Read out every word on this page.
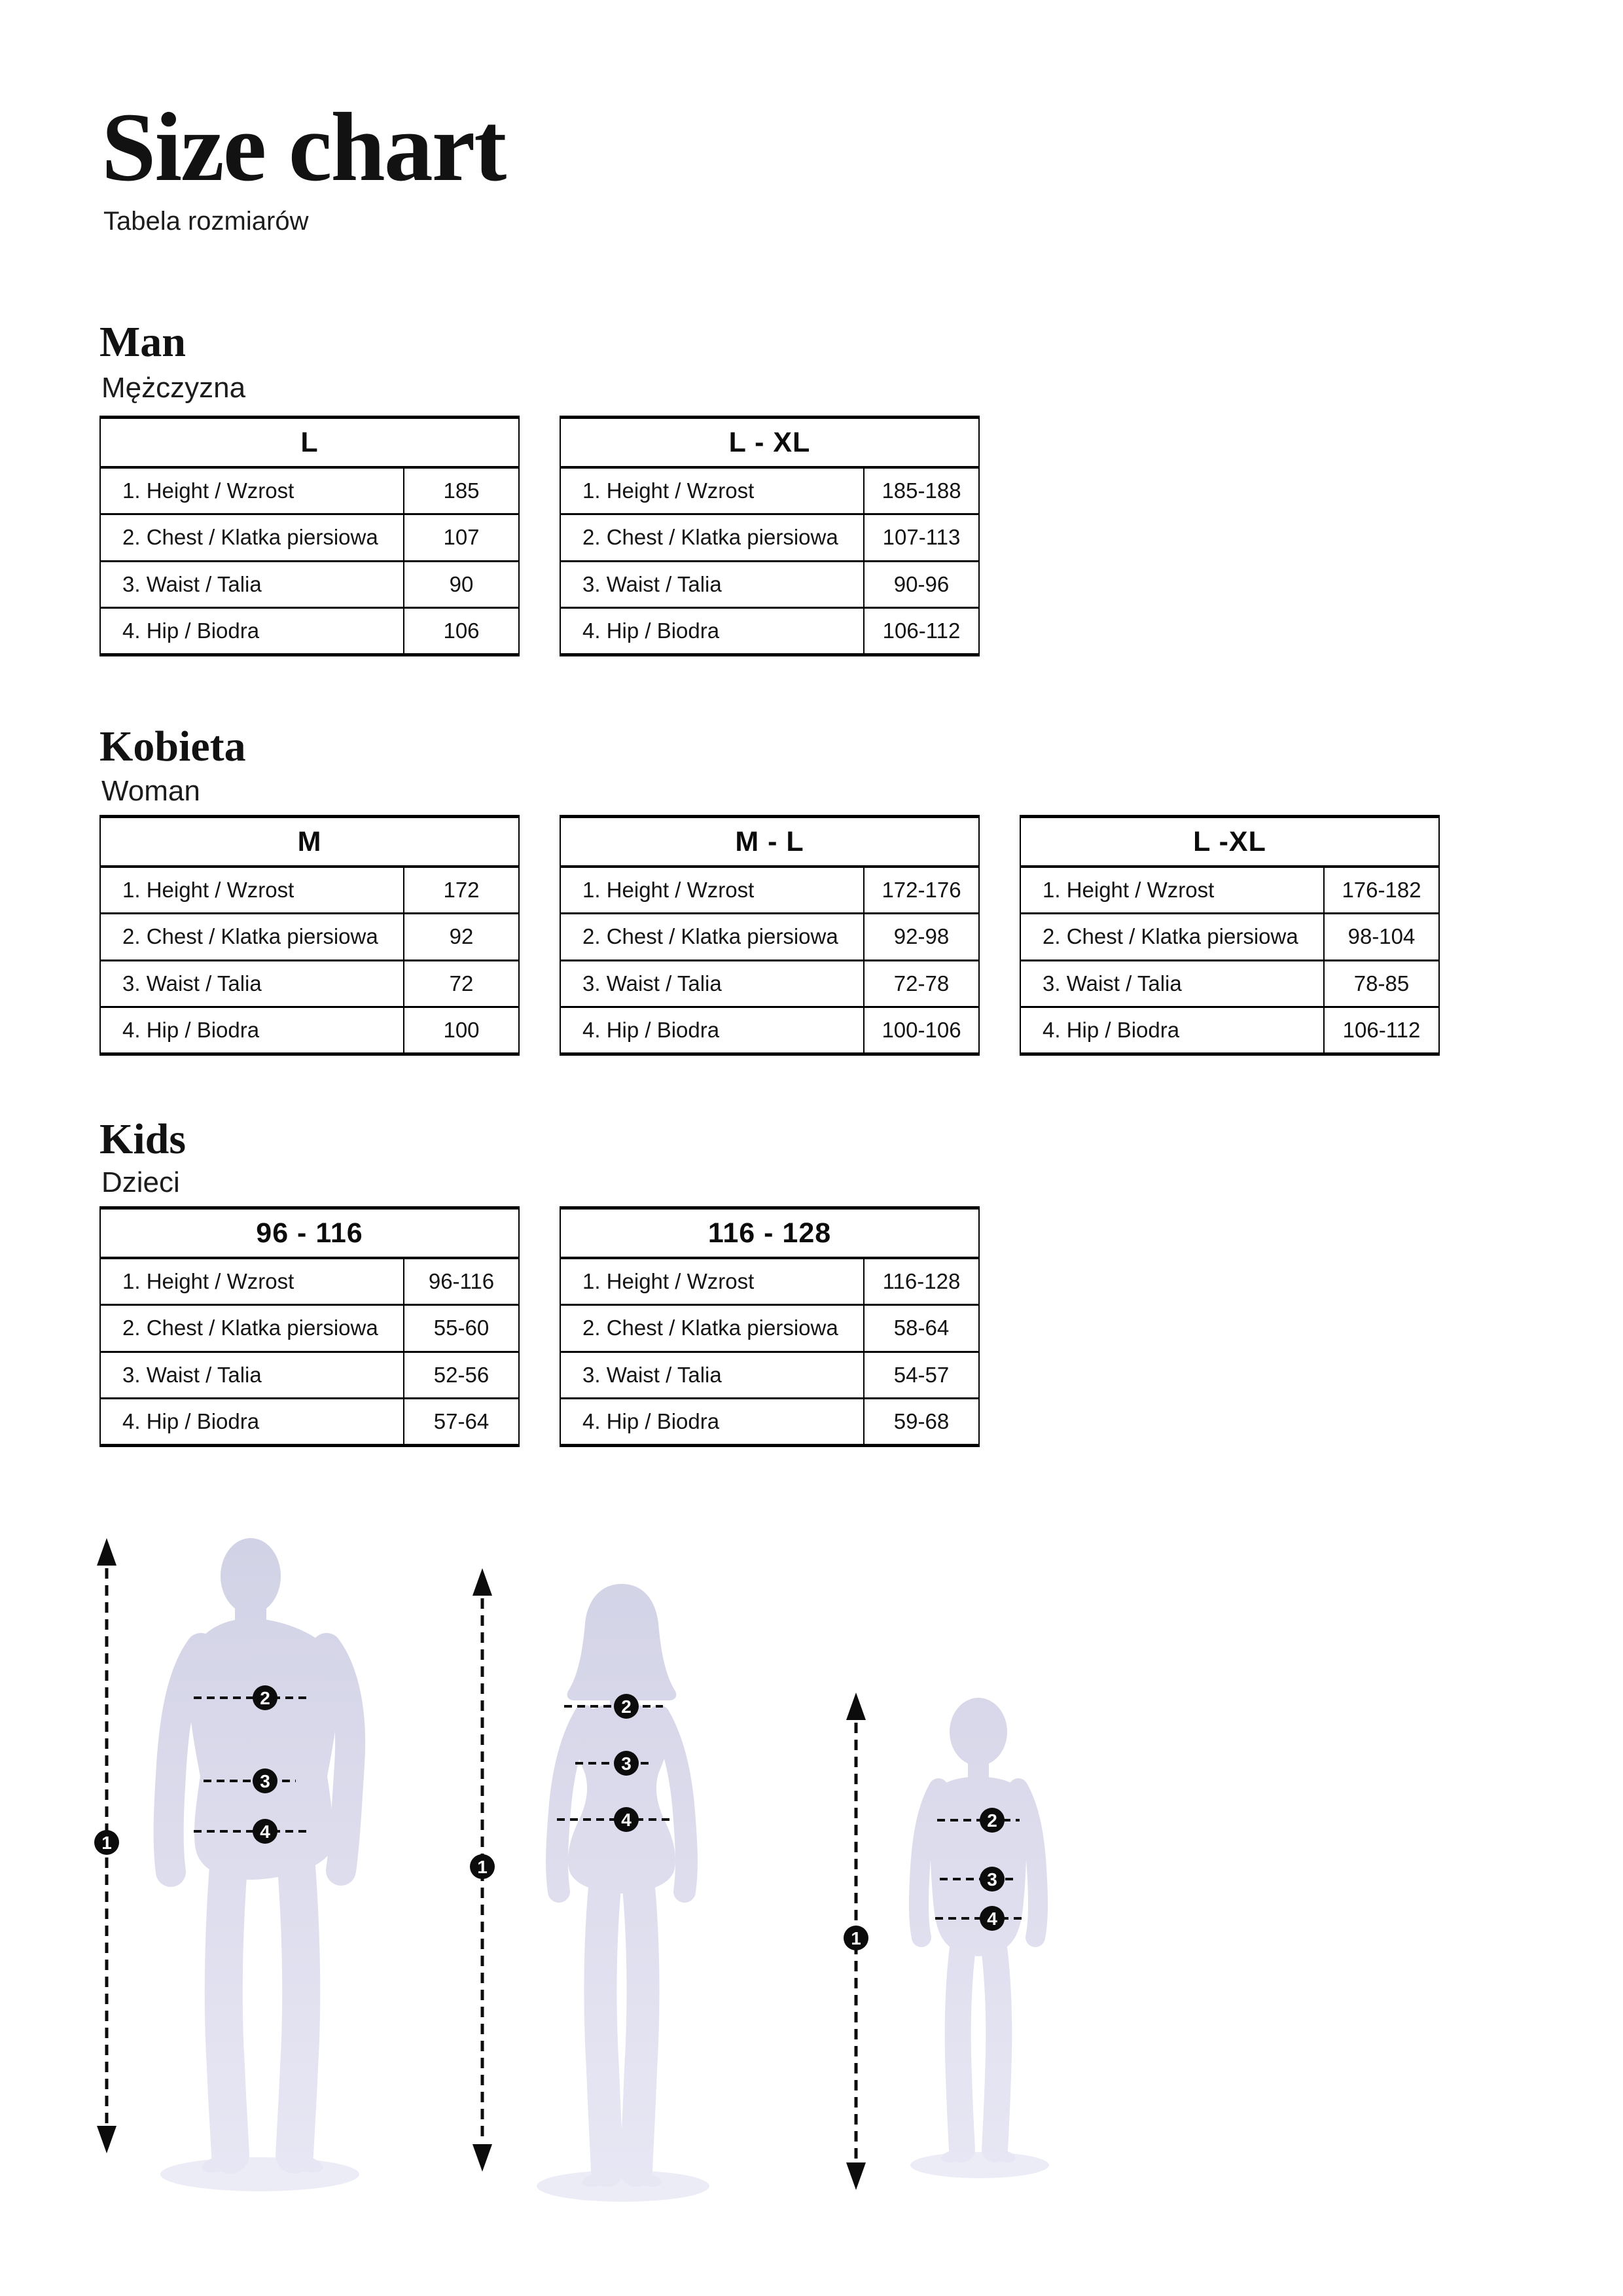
Size chart
Tabela rozmiarów
Man
Mężczyzna
L
1. Height / Wzrost	185
2. Chest / Klatka piersiowa	107
3. Waist / Talia	90
4. Hip / Biodra	106
L - XL
1. Height / Wzrost	185-188
2. Chest / Klatka piersiowa	107-113
3. Waist / Talia	90-96
4. Hip / Biodra	106-112
Kobieta
Woman
M
1. Height / Wzrost	172
2. Chest / Klatka piersiowa	92
3. Waist / Talia	72
4. Hip / Biodra	100
M - L
1. Height / Wzrost	172-176
2. Chest / Klatka piersiowa	92-98
3. Waist / Talia	72-78
4. Hip / Biodra	100-106
L -XL
1. Height / Wzrost	176-182
2. Chest / Klatka piersiowa	98-104
3. Waist / Talia	78-85
4. Hip / Biodra	106-112
Kids
Dzieci
96 - 116
1. Height / Wzrost	96-116
2. Chest / Klatka piersiowa	55-60
3. Waist / Talia	52-56
4. Hip / Biodra	57-64
116 - 128
1. Height / Wzrost	116-128
2. Chest / Klatka piersiowa	58-64
3. Waist / Talia	54-57
4. Hip / Biodra	59-68
1
2
3
4
1
2
3
4
1
2
3
4
